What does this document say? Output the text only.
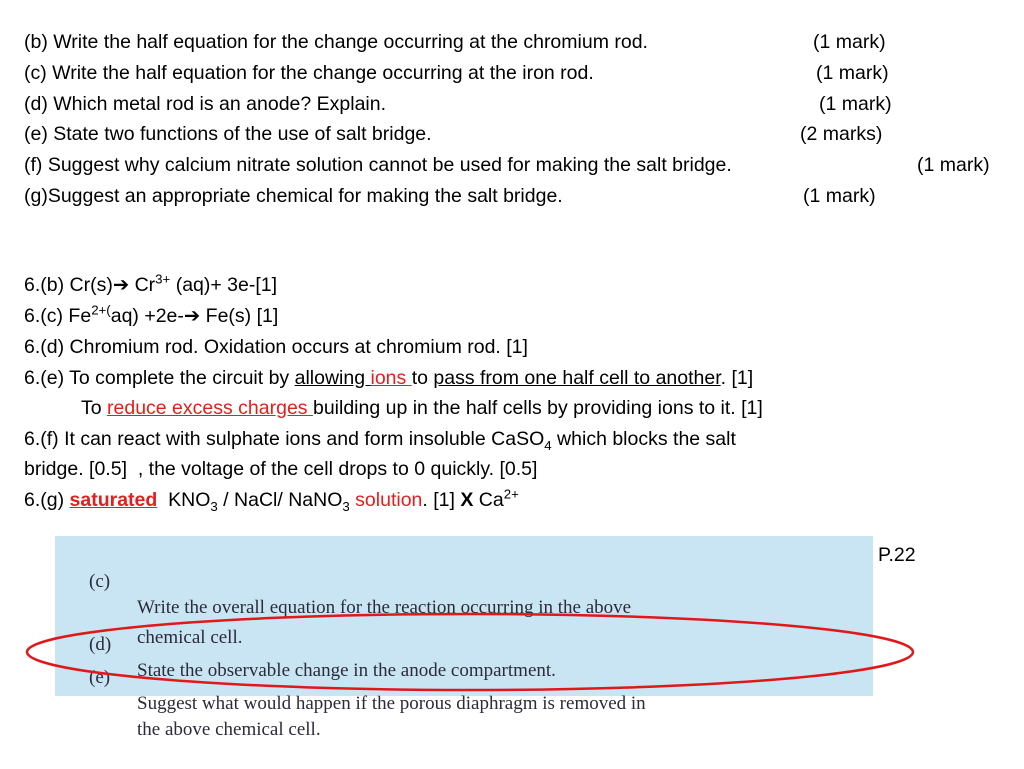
(b) Write the half equation for the change occurring at the chromium rod.

	(1 mark)

(c) Write the half equation for the change occurring at the iron rod.

	(1 mark)

(d) Which metal rod is an anode? Explain.

	(1 mark)

(e) State two functions of the use of salt bridge.

	(2 marks)

(f) Suggest why calcium nitrate solution cannot be used for making the salt bridge.

	(1 mark)

(g)Suggest an appropriate chemical for making the salt bridge.

	(1 mark)

6.(b) Cr(s)➔ $Cr^{3+}$ (aq)+ 3e-[1]
6.(c) $Fe^{2+(}aq$) +2e-➔ Fe(s) [1]
6.(d) Chromium rod. Oxidation occurs at chromium rod. [1]
6.(e) To complete the circuit by allowing ions to pass from one half cell to another. [1]
To reduce excess charges building up in the half cells by providing ions to it. [1]
6.(f) It can react with sulphate ions and form insoluble CaSO$_4$ which blocks the salt
bridge. [0.5]  , the voltage of the cell drops to 0 quickly. [0.5]
6.(g) saturated  $KNO_3$ / NaCl/ NaNO$_3$ solution. [1] X $Ca^{2+}$

(c)

Write the overall equation for the reaction occurring in the above

chemical cell.

(d)

State the observable change in the anode compartment.

(e)

Suggest what would happen if the porous diaphragm is removed in

the above chemical cell.

P.22
